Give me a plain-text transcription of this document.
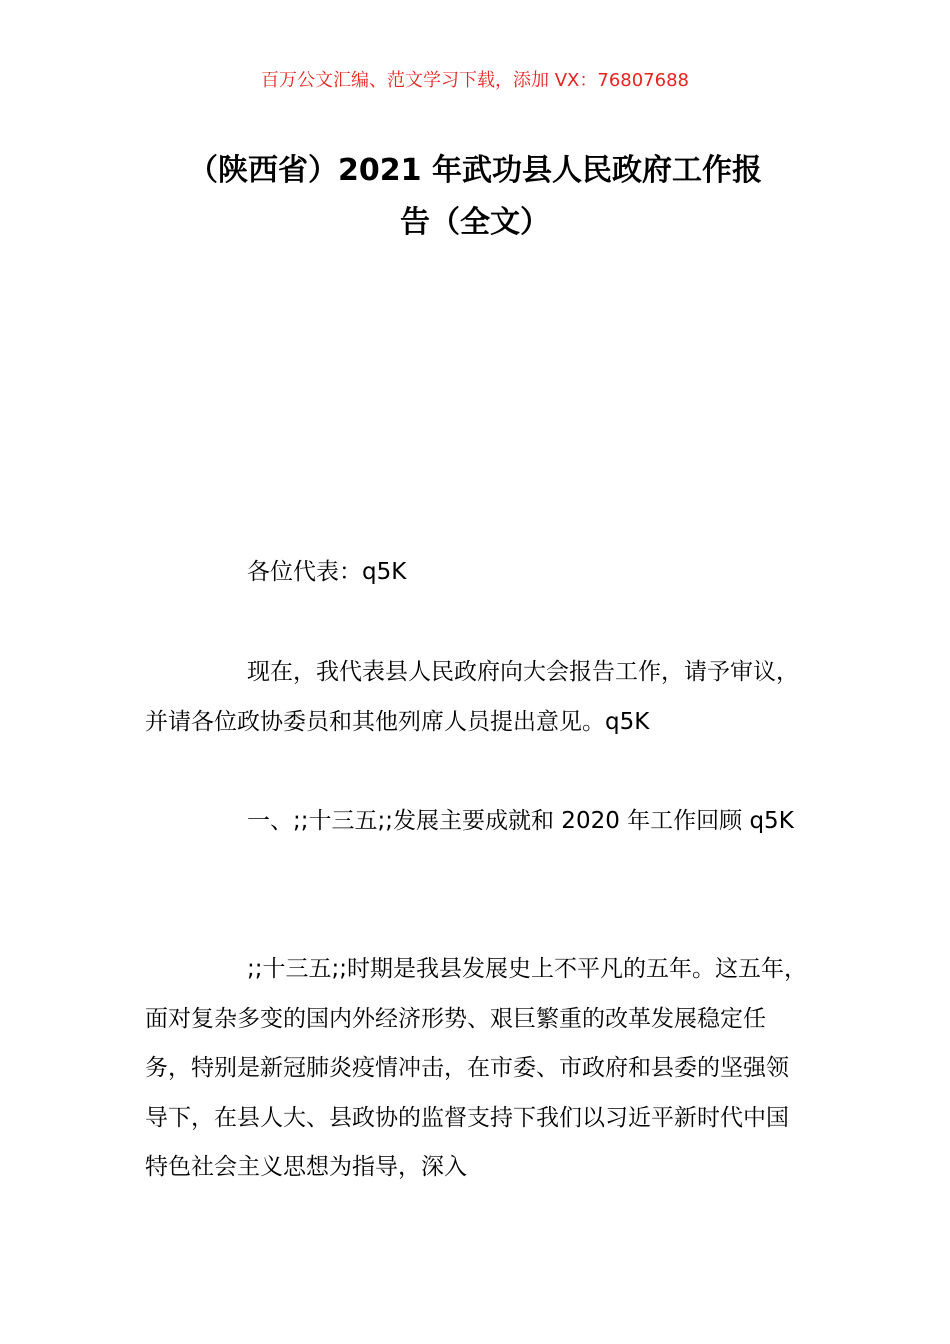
百万公文汇编、范文学习下载，添加 VX：76807688
（陕西省）2021 年武功县人民政府工作报
告（全文）

各位代表：q5K

现在，我代表县人民政府向大会报告工作，请予审议，并请各位政协委员和其他列席人员提出意见。q5K

一、;;十三五;;发展主要成就和 2020 年工作回顾 q5K

;;十三五;;时期是我县发展史上不平凡的五年。这五年，面对复杂多变的国内外经济形势、艰巨繁重的改革发展稳定任务，特别是新冠肺炎疫情冲击，在市委、市政府和县委的坚强领导下，在县人大、县政协的监督支持下我们以习近平新时代中国特色社会主义思想为指导，深入
